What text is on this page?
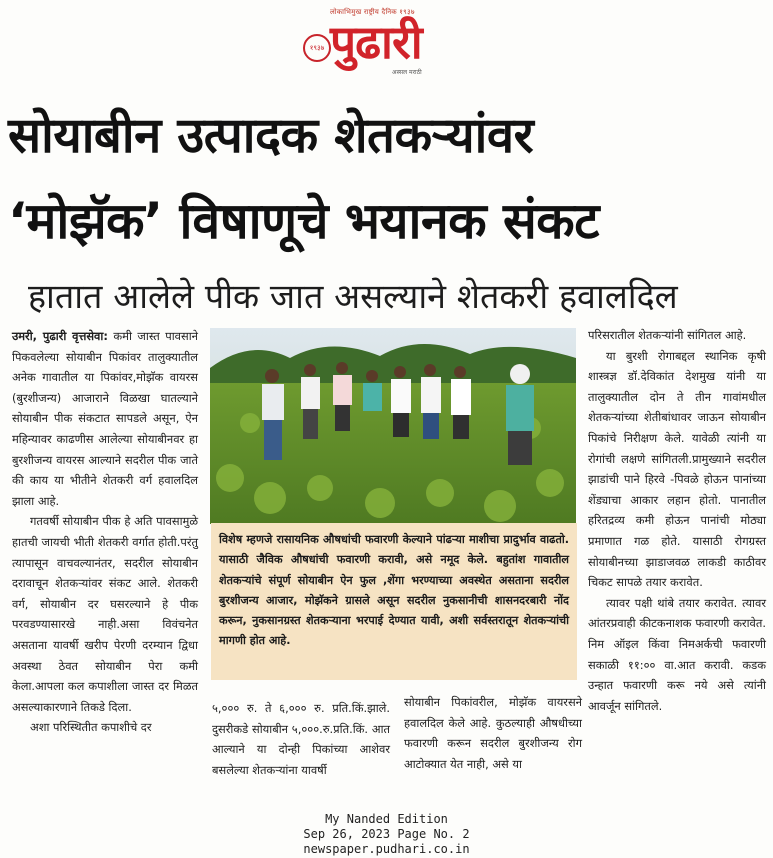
लोकाभिमुख राष्ट्रीय दैनिक १९३७
१९३७ पुढारी
अस्सल मराठी
सोयाबीन उत्पादक शेतकऱ्यांवर
‘मोझॅक’ विषाणूचे भयानक संकट
हातात आलेले पीक जात असल्याने शेतकरी हवालदिल

उमरी, पुढारी वृत्तसेवा: कमी जास्त पावसाने पिकवलेल्या सोयाबीन पिकांवर तालुक्यातील अनेक गावातील या पिकांवर,मोझॅक वायरस (बुरशीजन्य) आजाराने विळखा घातल्याने सोयाबीन पीक संकटात सापडले असून, ऐन महिन्यावर काढणीस आलेल्या सोयाबीनवर हा बुरशीजन्य वायरस आल्याने सदरील पीक जाते की काय या भीतीने शेतकरी वर्ग हवालदिल झाला आहे.

गतवर्षी सोयाबीन पीक हे अति पावसामुळे हातची जायची भीती शेतकरी वर्गात होती.परंतु त्यापासून वाचवल्यानंतर, सदरील सोयाबीन दरावाचून शेतकऱ्यांवर संकट आले. शेतकरी वर्ग, सोयाबीन दर घसरल्याने हे पीक परवडण्यासारखे नाही.असा विवंचनेत असताना यावर्षी खरीप पेरणी दरम्यान द्विधा अवस्था ठेवत सोयाबीन पेरा कमी केला.आपला कल कपाशीला जास्त दर मिळत असल्याकारणाने तिकडे दिला.

अशा परिस्थितीत कपाशीचे दर

विशेष म्हणजे रासायनिक औषधांची फवारणी केल्याने पांढऱ्या माशीचा प्रादुर्भाव वाढतो. यासाठी जैविक औषधांची फवारणी करावी, असे नमूद केले. बहुतांश गावातील शेतकऱ्यांचे संपूर्ण सोयाबीन ऐन फुल ,शेंगा भरण्याच्या अवस्थेत असताना सदरील बुरशीजन्य आजार, मोझॅकने ग्रासले असून सदरील नुकसानीची शासनदरबारी नोंद करून, नुकसानग्रस्त शेतकऱ्याना भरपाई देण्यात यावी, अशी सर्वस्तरातून शेतकऱ्यांची मागणी होत आहे.

५,००० रु. ते ६,००० रु. प्रति.किं.झाले. दुसरीकडे सोयाबीन ५,०००.रु.प्रति.किं. आत आल्याने या दोन्ही पिकांच्या आशेवर बसलेल्या शेतकऱ्यांना यावर्षी

सोयाबीन पिकांवरील, मोझॅक वायरसने हवालदिल केले आहे. कुठल्याही औषधीच्या फवारणी करून सदरील बुरशीजन्य रोग आटोक्यात येत नाही, असे या

परिसरातील शेतकऱ्यांनी सांगितल आहे.

या बुरशी रोगाबद्दल स्थानिक कृषी शास्त्रज्ञ डॉ.देविकांत देशमुख यांनी या तालुक्यातील दोन ते तीन गावांमधील शेतकऱ्यांच्या शेतीबांधावर जाऊन सोयाबीन पिकांचे निरीक्षण केले. यावेळी त्यांनी या रोगांची लक्षणे सांगितली.प्रामुख्याने सदरील झाडांची पाने हिरवे -पिवळे होऊन पानांच्या शेंड्याचा आकार लहान होतो. पानातील हरितद्रव्य कमी होऊन पानांची मोठ्या प्रमाणात गळ होते. यासाठी रोगग्रस्त सोयाबीनच्या झाडाजवळ लाकडी काठीवर चिकट सापळे तयार करावेत.

त्यावर पक्षी थांबे तयार करावेत. त्यावर आंतरप्रवाही कीटकनाशक फवारणी करावेत. निम ऑइल किंवा निमअर्कची फवारणी सकाळी ११:०० वा.आत करावी. कडक उन्हात फवारणी करू नये असे त्यांनी आवर्जून सांगितले.

My Nanded Edition
Sep 26, 2023 Page No. 2
newspaper.pudhari.co.in
